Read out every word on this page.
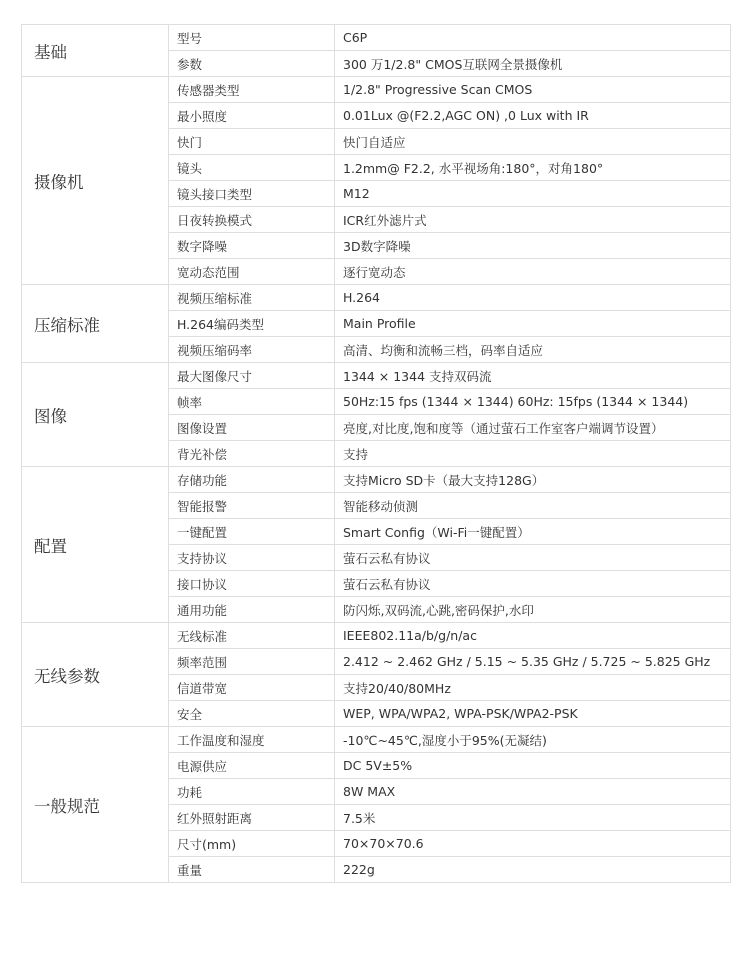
基础	型号	C6P
	参数	300 万1/2.8" CMOS互联网全景摄像机
摄像机	传感器类型	1/2.8" Progressive Scan CMOS
	最小照度	0.01Lux @(F2.2,AGC ON) ,0 Lux with IR
	快门	快门自适应
	镜头	1.2mm@ F2.2, 水平视场角:180°，对角180°
	镜头接口类型	M12
	日夜转换模式	ICR红外滤片式
	数字降噪	3D数字降噪
	宽动态范围	逐行宽动态
压缩标准	视频压缩标准	H.264
	H.264编码类型	Main Profile
	视频压缩码率	高清、均衡和流畅三档，码率自适应
图像	最大图像尺寸	1344 × 1344 支持双码流
	帧率	50Hz:15 fps (1344 × 1344) 60Hz: 15fps (1344 × 1344)
	图像设置	亮度,对比度,饱和度等（通过萤石工作室客户端调节设置）
	背光补偿	支持
配置	存储功能	支持Micro SD卡（最大支持128G）
	智能报警	智能移动侦测
	一键配置	Smart Config（Wi-Fi一键配置）
	支持协议	萤石云私有协议
	接口协议	萤石云私有协议
	通用功能	防闪烁,双码流,心跳,密码保护,水印
无线参数	无线标准	IEEE802.11a/b/g/n/ac
	频率范围	2.412 ~ 2.462 GHz / 5.15 ~ 5.35 GHz / 5.725 ~ 5.825 GHz
	信道带宽	支持20/40/80MHz
	安全	WEP, WPA/WPA2, WPA-PSK/WPA2-PSK
一般规范	工作温度和湿度	-10℃~45℃,湿度小于95%(无凝结)
	电源供应	DC 5V±5%
	功耗	8W MAX
	红外照射距离	7.5米
	尺寸(mm)	70×70×70.6
	重量	222g
